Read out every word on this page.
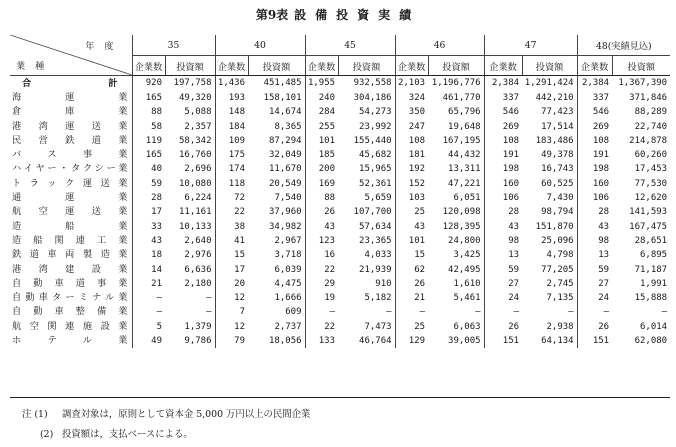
第9表 設備投資実績
年度
業種	35		40		45		46		47		48(実績見込)	
	企業数	投資額	企業数	投資額	企業数	投資額	企業数	投資額	企業数	投資額	企業数	投資額
合計	920	197,758	1,436	451,485	1,955	932,558	2,103	1,196,776	2,384	1,291,424	2,384	1,367,390
海運業	165	49,320	193	158,101	240	304,186	324	461,770	337	442,210	337	371,846
倉庫業	88	5,088	148	14,674	284	54,273	350	65,796	546	77,423	546	88,289
港湾運送業	58	2,357	184	8,365	255	23,992	247	19,648	269	17,514	269	22,740
民営鉄道業	119	58,342	109	87,294	101	155,440	108	167,195	108	183,486	108	214,878
バス事業	165	16,760	175	32,049	185	45,682	181	44,432	191	49,378	191	60,260
ハイヤー・タクシー業	40	2,696	174	11,670	200	15,965	192	13,311	198	16,743	198	17,453
トラック運送業	59	10,080	118	20,549	169	52,361	152	47,221	160	60,525	160	77,530
通運業	28	6,224	72	7,540	88	5,659	103	6,051	106	7,430	106	12,620
航空運送業	17	11,161	22	37,960	26	107,700	25	120,098	28	98,794	28	141,593
造船業	33	10,133	38	34,982	43	57,634	43	128,395	43	151,870	43	167,475
造船関連工業	43	2,640	41	2,967	123	23,365	101	24,800	98	25,096	98	28,651
鉄道車両製造業	18	2,976	15	3,718	16	4,033	15	3,425	13	4,798	13	6,895
港湾建設業	14	6,636	17	6,039	22	21,939	62	42,495	59	77,205	59	71,187
自動車道事業	21	2,180	20	4,475	29	910	26	1,610	27	2,745	27	1,991
自動車ターミナル業	—	—	12	1,666	19	5,182	21	5,461	24	7,135	24	15,888
自動車整備業	—	—	7	609	—	—	—	—	—	—	—	—
航空関連施設業	5	1,379	12	2,737	22	7,473	25	6,063	26	2,938	26	6,014
ホテル業	49	9,786	79	18,056	133	46,764	129	39,005	151	64,134	151	62,080
注 (1) 調査対象は，原則として資本金 5,000 万円以上の民間企業
(2) 投資額は，支払ベースによる。
